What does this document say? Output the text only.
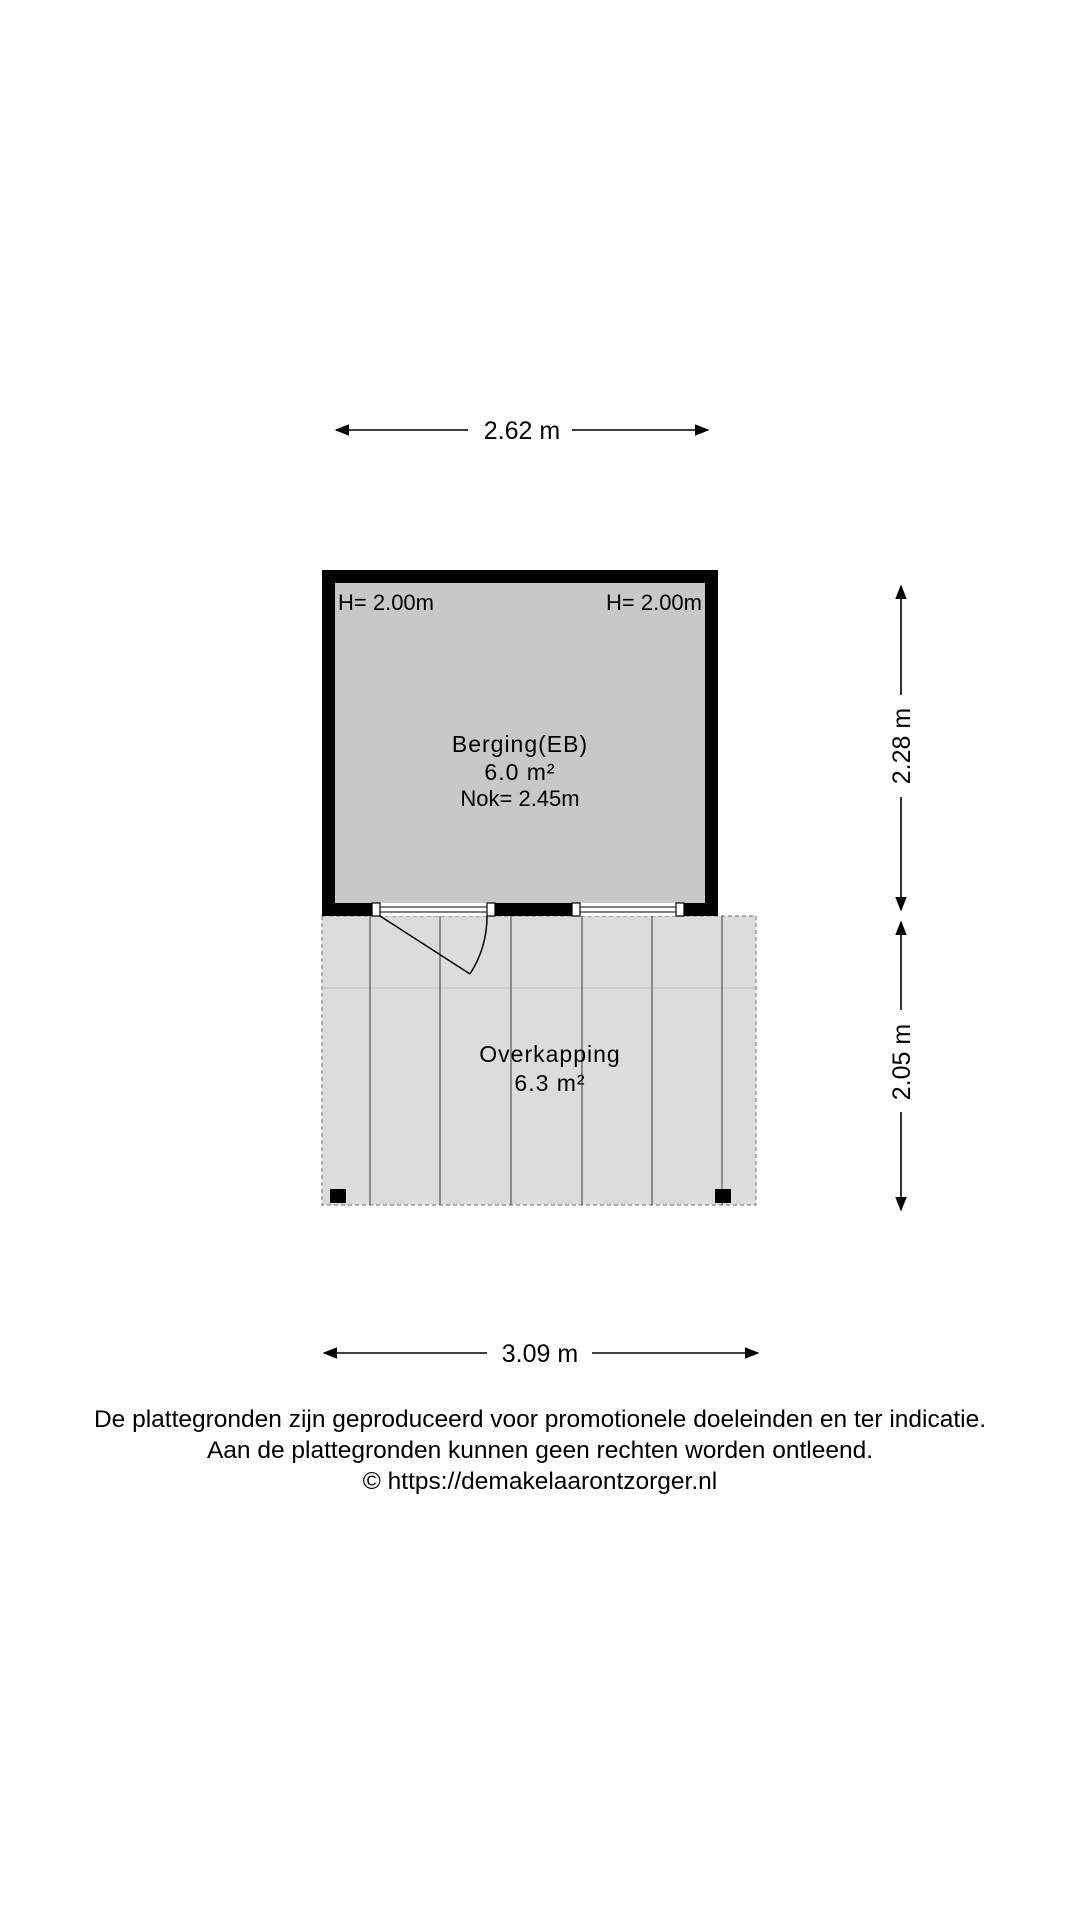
H= 2.00m	H= 2.00m
Berging(EB)
6.0 m²
Nok= 2.45m
Overkapping
6.3 m²
2.62 m
2.28 m
2.05 m
3.09 m
De plattegronden zijn geproduceerd voor promotionele doeleinden en ter indicatie.
Aan de plattegronden kunnen geen rechten worden ontleend.
© https://demakelaarontzorger.nl
